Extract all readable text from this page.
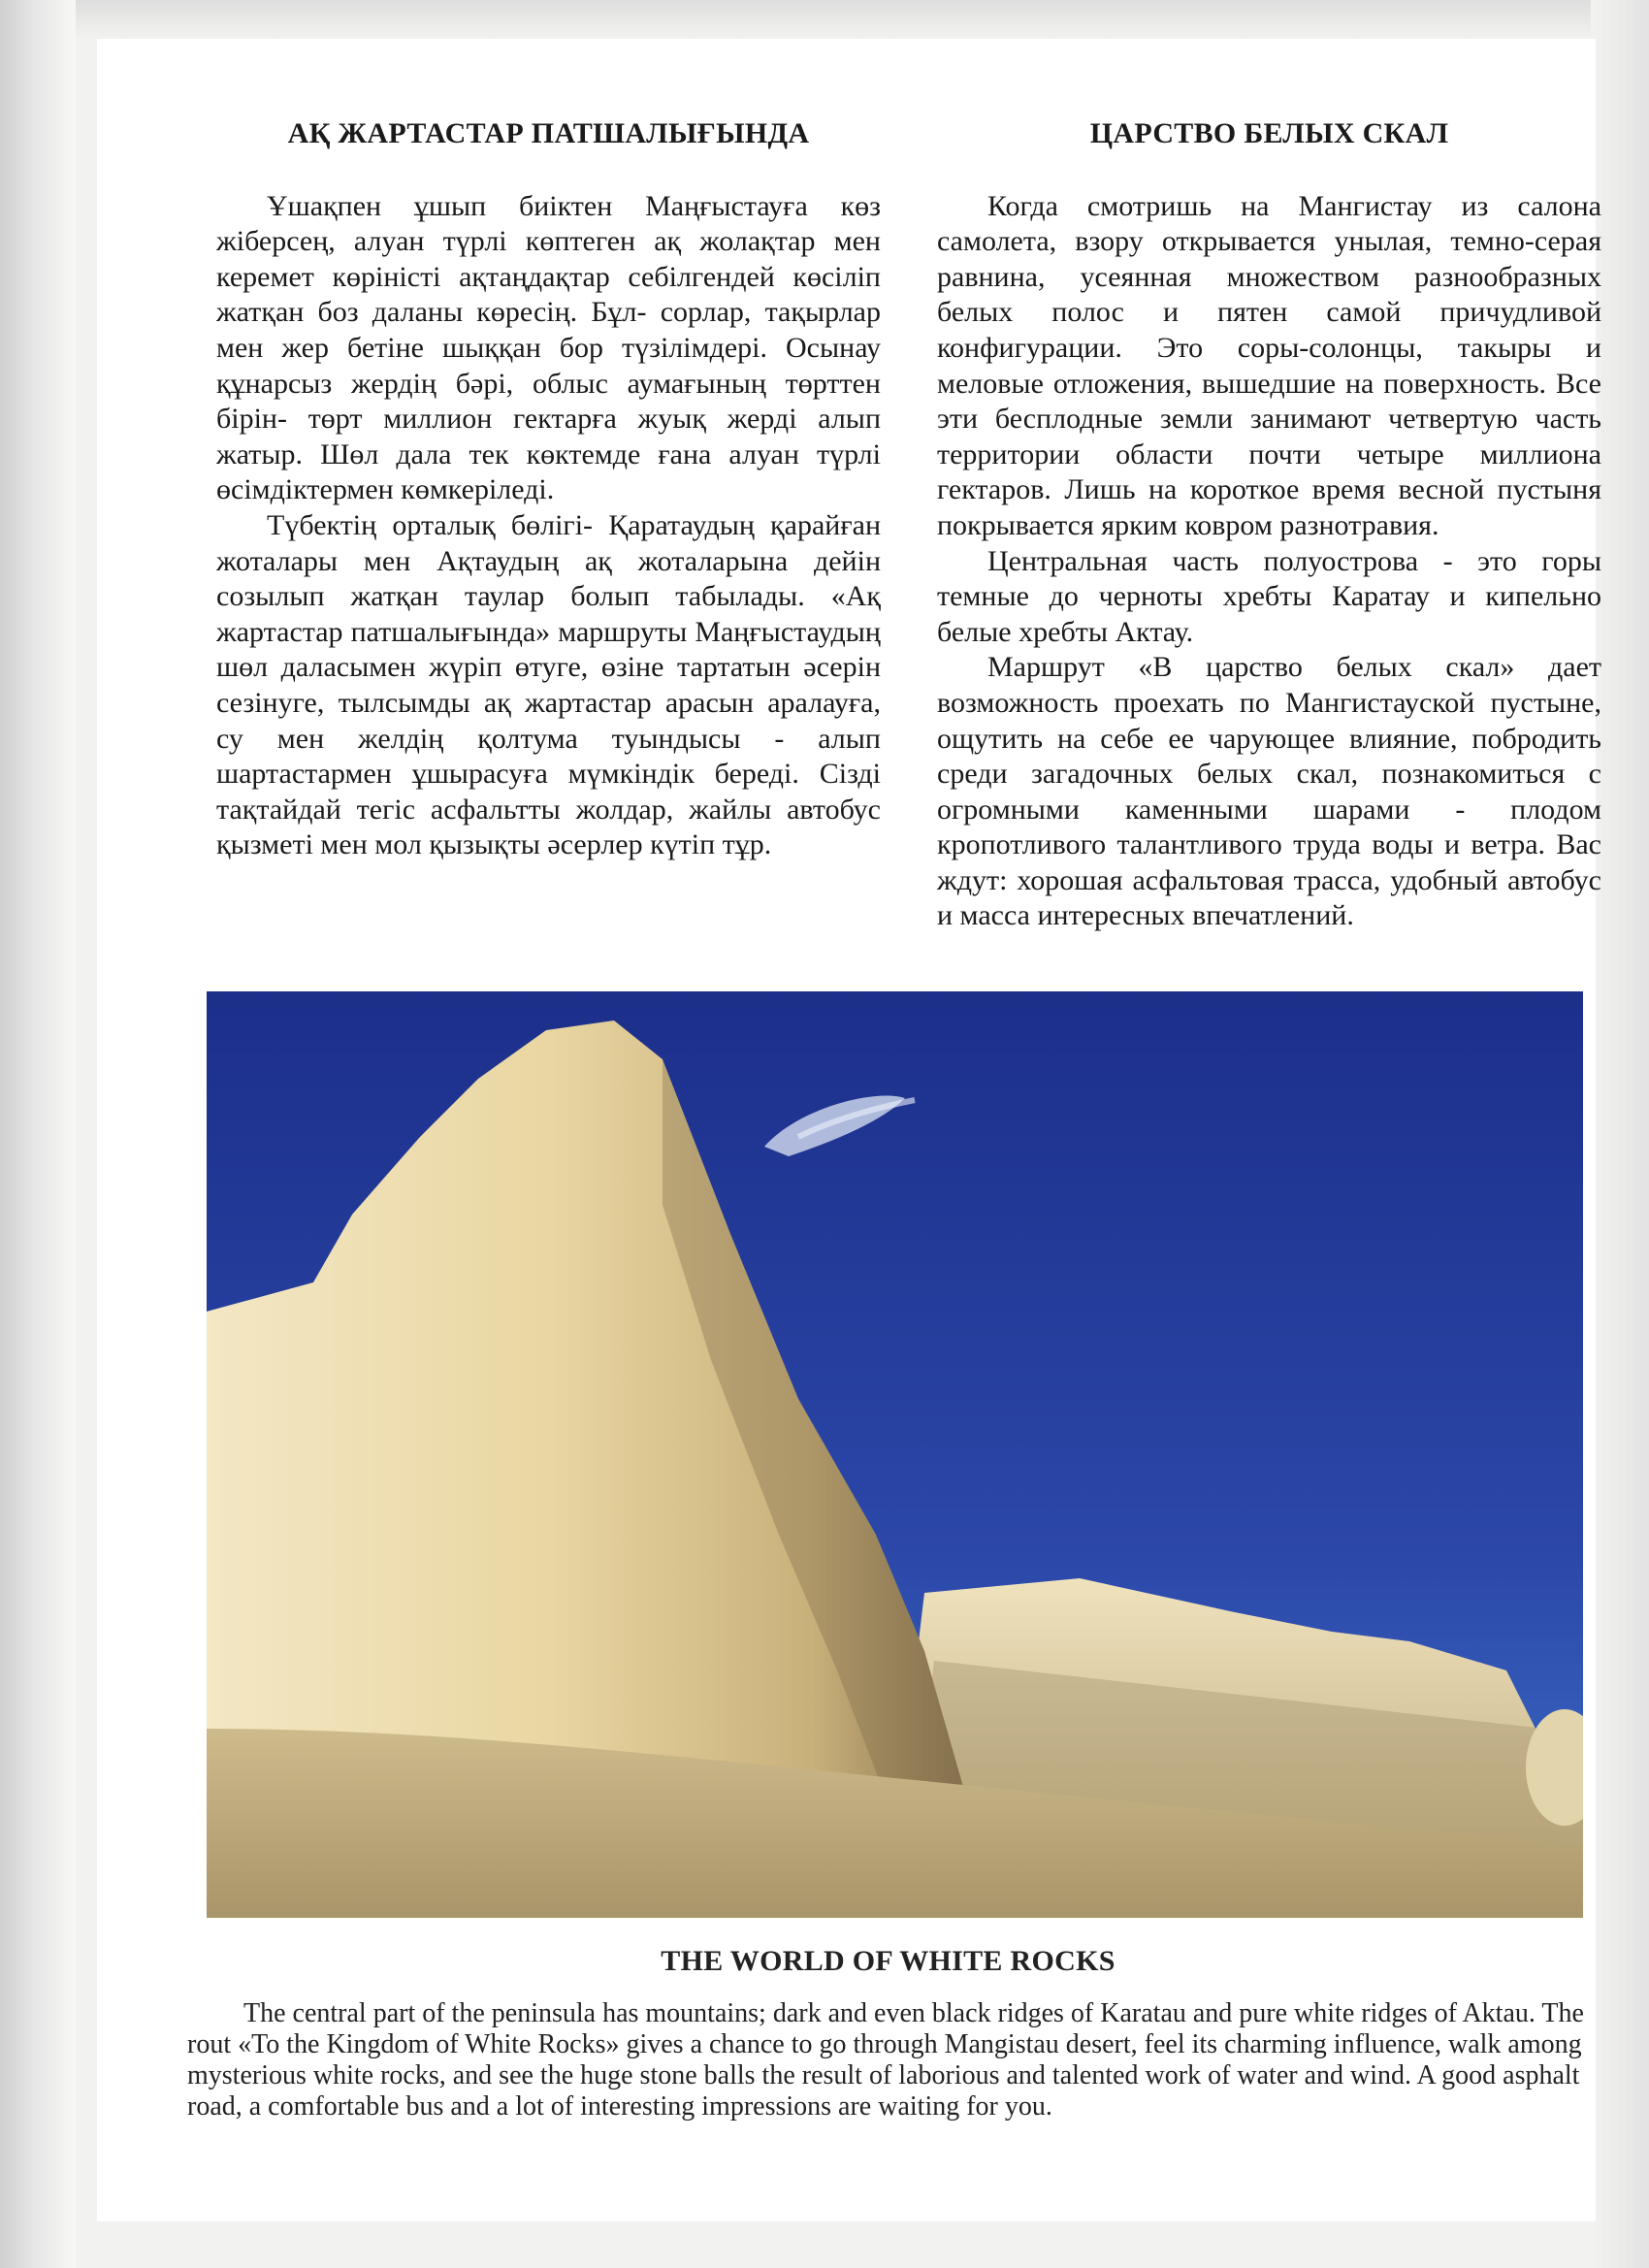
АҚ ЖАРТАСТАР ПАТШАЛЫҒЫНДА

Ұшақпен ұшып биіктен Маңғыстауға көз жіберсең, алуан түрлі көптеген ақ жолақтар мен керемет көріністі ақтаңдақтар себілгендей көсіліп жатқан боз даланы көресің. Бұл- сорлар, тақырлар мен жер бетіне шыққан бор түзілімдері. Осынау құнарсыз жердің бәрі, облыс аумағының төрттен бірін- төрт миллион гектарға жуық жерді алып жатыр. Шөл дала тек көктемде ғана алуан түрлі өсімдіктермен көмкеріледі.

Түбектің орталық бөлігі- Қаратаудың қарайған жоталары мен Ақтаудың ақ жоталарына дейін созылып жатқан таулар болып табылады. «Ақ жартастар патшалығында» маршруты Маңғыстаудың шөл даласымен жүріп өтуге, өзіне тартатын әсерін сезінуге, тылсымды ақ жартастар арасын аралауға, су мен желдің қолтума туындысы - алып шартастармен ұшырасуға мүмкіндік береді. Сізді тақтайдай тегіс асфальтты жолдар, жайлы автобус қызметі мен мол қызықты әсерлер күтіп тұр.

ЦАРСТВО БЕЛЫХ СКАЛ

Когда смотришь на Мангистау из салона самолета, взору открывается унылая, темно-серая равнина, усеянная множеством разнообразных белых полос и пятен самой причудливой конфигурации. Это соры-солонцы, такыры и меловые отложения, вышедшие на поверхность. Все эти бесплодные земли занимают четвертую часть территории области почти четыре миллиона гектаров. Лишь на короткое время весной пустыня покрывается ярким ковром разнотравия.

Центральная часть полуострова - это горы темные до черноты хребты Каратау и кипельно белые хребты Актау.

Маршрут «В царство белых скал» дает возможность проехать по Мангистауской пустыне, ощутить на себе ее чарующее влияние, побродить среди загадочных белых скал, познакомиться с огромными каменными шарами - плодом кропотливого талантливого труда воды и ветра. Вас ждут: хорошая асфальтовая трасса, удобный автобус и масса интересных впечатлений.

THE WORLD OF WHITE ROCKS

The central part of the peninsula has mountains; dark and even black ridges of Karatau and pure white ridges of Aktau. The rout «To the Kingdom of White Rocks» gives a chance to go through Mangistau desert, feel its charming influence, walk among mysterious white rocks, and see the huge stone balls the result of laborious and talented work of water and wind. A good asphalt road, a comfortable bus and a lot of interesting impressions are waiting for you.
